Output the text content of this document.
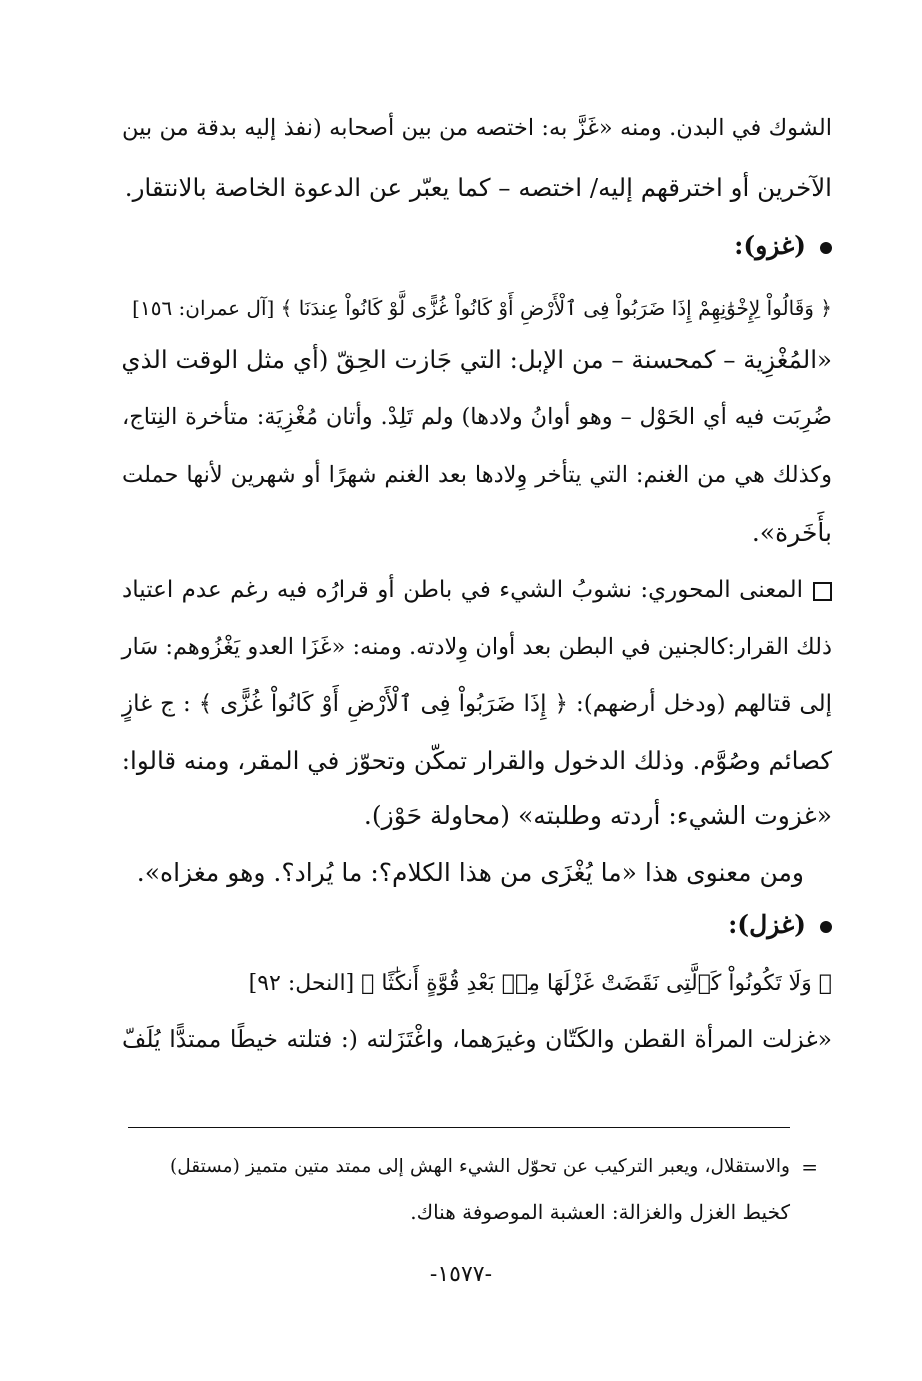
الشوك في البدن. ومنه «غَزَّ به: اختصه من بين أصحابه (نفذ إليه بدقة من بين
الآخرين أو اخترقهم إليه/ اختصه – كما يعبّر عن الدعوة الخاصة بالانتقار.
(غزو):
﴿ وَقَالُواْ لِإِخْوَٰنِهِمْ إِذَا ضَرَبُواْ فِى ٱلْأَرْضِ أَوْ كَانُواْ غُزًّى لَّوْ كَانُواْ عِندَنَا ﴾ [آل عمران: ١٥٦]
«المُغْزِية – كمحسنة – من الإبل: التي جَازت الحِقّ (أي مثل الوقت الذي
ضُرِبَت فيه أي الحَوْل – وهو أوانُ ولادها) ولم تَلِدْ. وأتان مُغْزِيَة: متأخرة النِتاج،
وكذلك هي من الغنم: التي يتأخر وِلادها بعد الغنم شهرًا أو شهرين لأنها حملت
بأَخَرة».
المعنى المحوري: نشوبُ الشيء في باطن أو قرارُه فيه رغم عدم اعتياد
ذلك القرار:كالجنين في البطن بعد أوان وِلادته. ومنه: «غَزَا العدو يَغْزُوهم: سَار
إلى قتالهم (ودخل أرضهم): ﴿ إِذَا ضَرَبُواْ فِى ٱلْأَرْضِ أَوْ كَانُواْ غُزًّى ﴾ : ج غازٍ
كصائم وصُوَّم. وذلك الدخول والقرار تمكّن وتحوّز في المقر، ومنه قالوا:
«غزوت الشيء: أردته وطلبته» (محاولة حَوْز).
ومن معنوى هذا «ما يُغْزَى من هذا الكلام؟: ما يُراد؟. وهو مغزاه».
(غزل):
﴿ وَلَا تَكُونُواْ كَٱلَّتِى نَقَضَتْ غَزْلَهَا مِنۢ بَعْدِ قُوَّةٍ أَنكَٰثًا ﴾ [النحل: ٩٢]
«غزلت المرأة القطن والكَتّان وغيرَهما، واغْتَزَلته (: فتلته خيطًا ممتدًّا يُلَفّ
=
والاستقلال، ويعبر التركيب عن تحوّل الشيء الهش إلى ممتد متين متميز (مستقل)
كخيط الغزل والغزالة: العشبة الموصوفة هناك.
-١٥٧٧-
